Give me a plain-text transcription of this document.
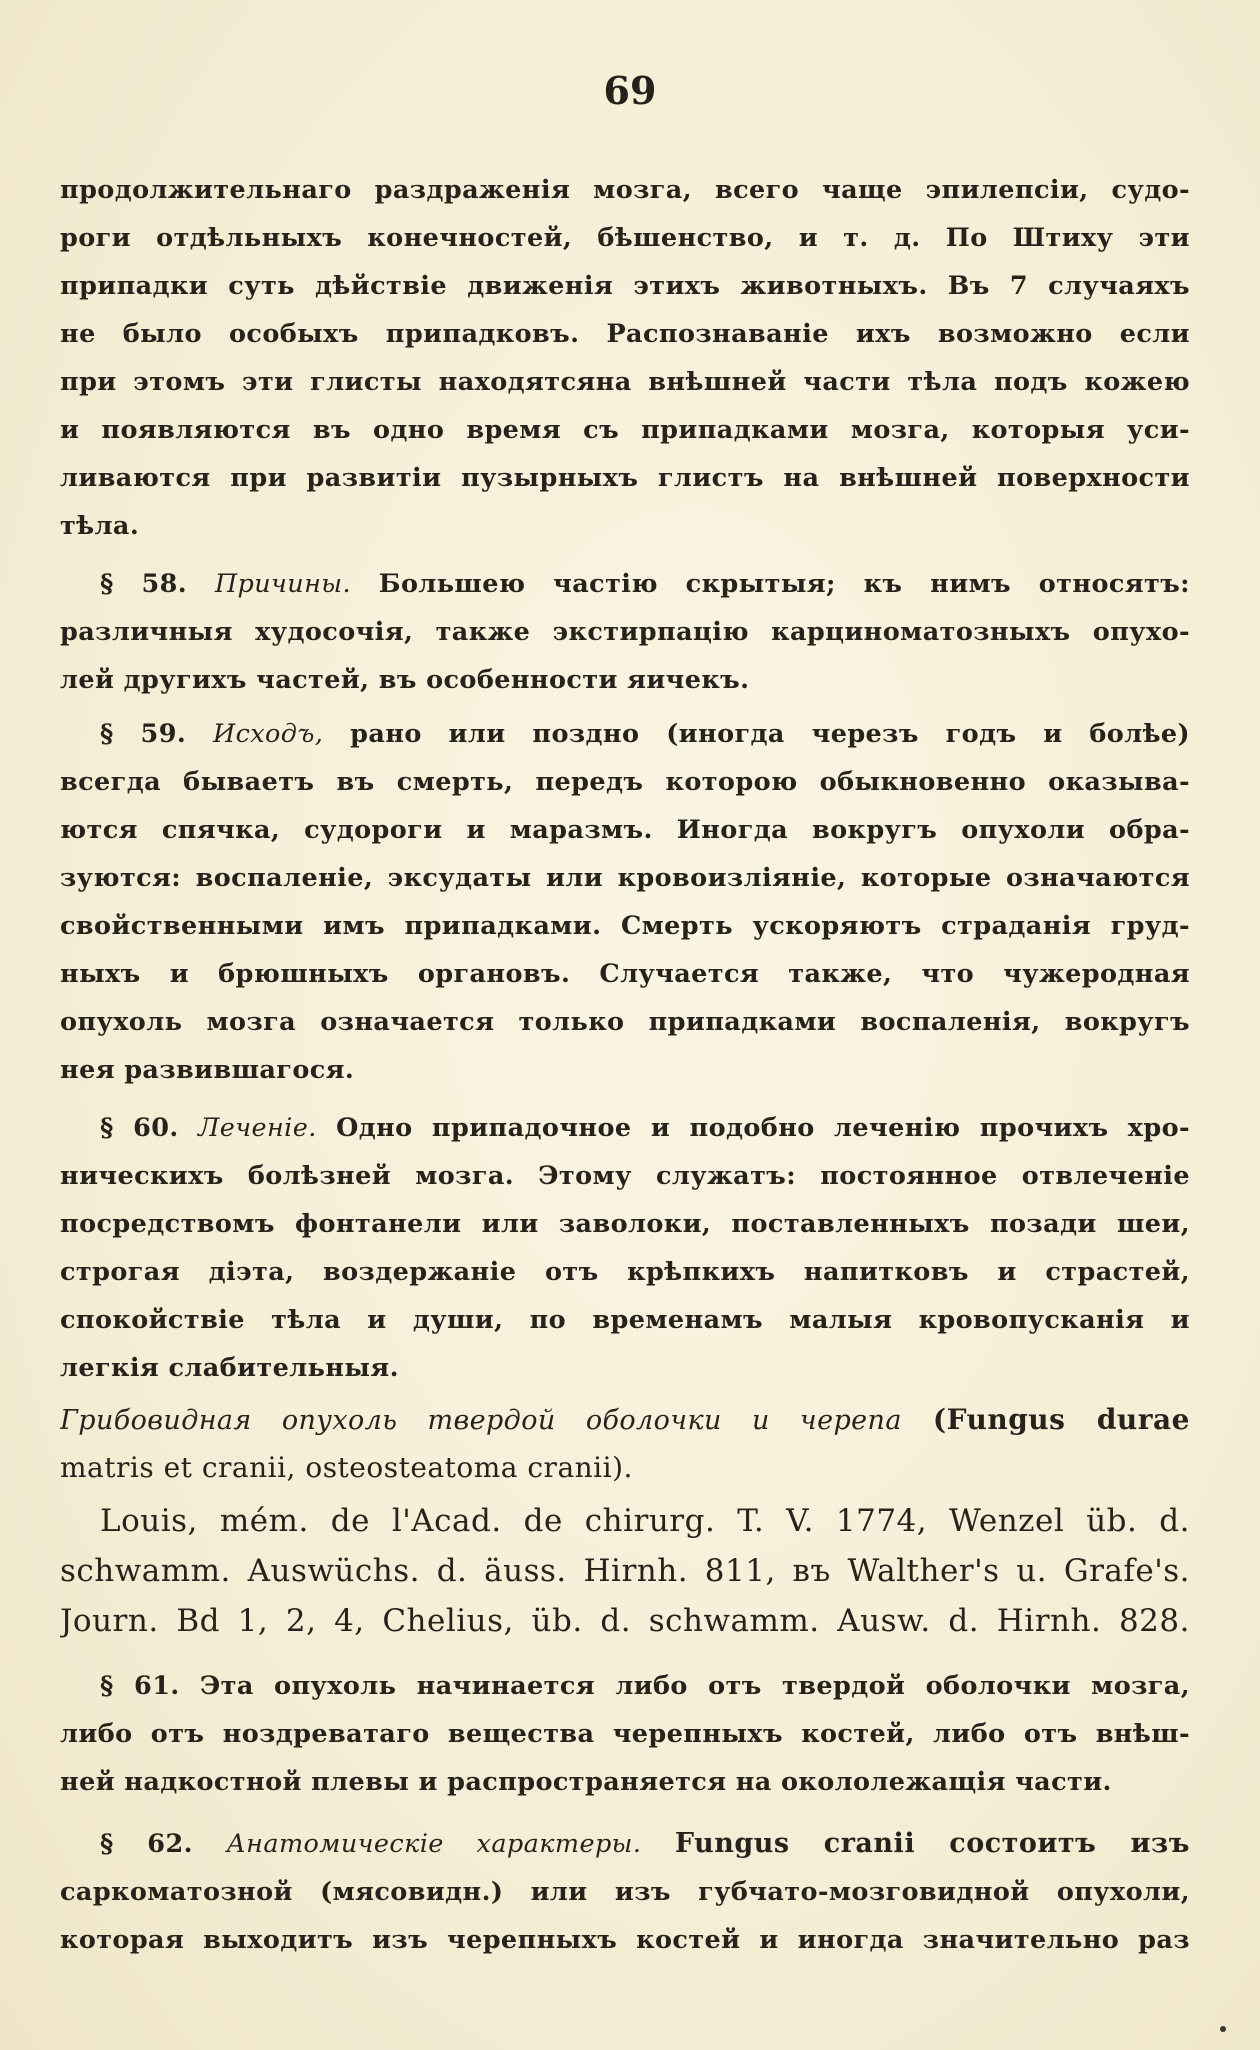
69
продолжительнаго раздраженія мозга, всего чаще эпилепсіи, судо-
роги отдѣльныхъ конечностей, бѣшенство, и т. д. По Штиху эти
припадки суть дѣйствіе движенія этихъ животныхъ. Въ 7 случаяхъ
не было особыхъ припадковъ. Распознаваніе ихъ возможно если
при этомъ эти глисты находятсяна внѣшней части тѣла подъ кожею
и появляются въ одно время съ припадками мозга, которыя уси-
ливаются при развитіи пузырныхъ глистъ на внѣшней поверхности
тѣла.
§ 58. Причины. Большею частію скрытыя; къ нимъ относятъ:
различныя худосочія, также экстирпацію карциноматозныхъ опухо-
лей другихъ частей, въ особенности яичекъ.
§ 59. Исходъ, рано или поздно (иногда черезъ годъ и болѣе)
всегда бываетъ въ смерть, передъ которою обыкновенно оказыва-
ются спячка, судороги и маразмъ. Иногда вокругъ опухоли обра-
зуются: воспаленіе, эксудаты или кровоизліяніе, которые означаются
свойственными имъ припадками. Смерть ускоряютъ страданія груд-
ныхъ и брюшныхъ органовъ. Случается также, что чужеродная
опухоль мозга означается только припадками воспаленія, вокругъ
нея развившагося.
§ 60. Леченіе. Одно припадочное и подобно леченію прочихъ хро-
ническихъ болѣзней мозга. Этому служатъ: постоянное отвлеченіе
посредствомъ фонтанели или заволоки, поставленныхъ позади шеи,
строгая діэта, воздержаніе отъ крѣпкихъ напитковъ и страстей,
спокойствіе тѣла и души, по временамъ малыя кровопусканія и
легкія слабительныя.
Грибовидная опухоль твердой оболочки и черепа (Fungus durae
matris et cranii, osteosteatoma cranii).
Louis, mém. de l'Acad. de chirurg. T. V. 1774, Wenzel üb. d.
schwamm. Auswüchs. d. äuss. Hirnh. 811, въ Walther's u. Grafe's.
Journ. Bd 1, 2, 4, Chelius, üb. d. schwamm. Ausw. d. Hirnh. 828.
§ 61. Эта опухоль начинается либо отъ твердой оболочки мозга,
либо отъ ноздреватаго вещества черепныхъ костей, либо отъ внѣш-
ней надкостной плевы и распространяется на окололежащія части.
§ 62. Анатомическіе характеры. Fungus cranii состоитъ изъ
саркоматозной (мясовидн.) или изъ губчато-мозговидной опухоли,
которая выходитъ изъ черепныхъ костей и иногда значительно раз
